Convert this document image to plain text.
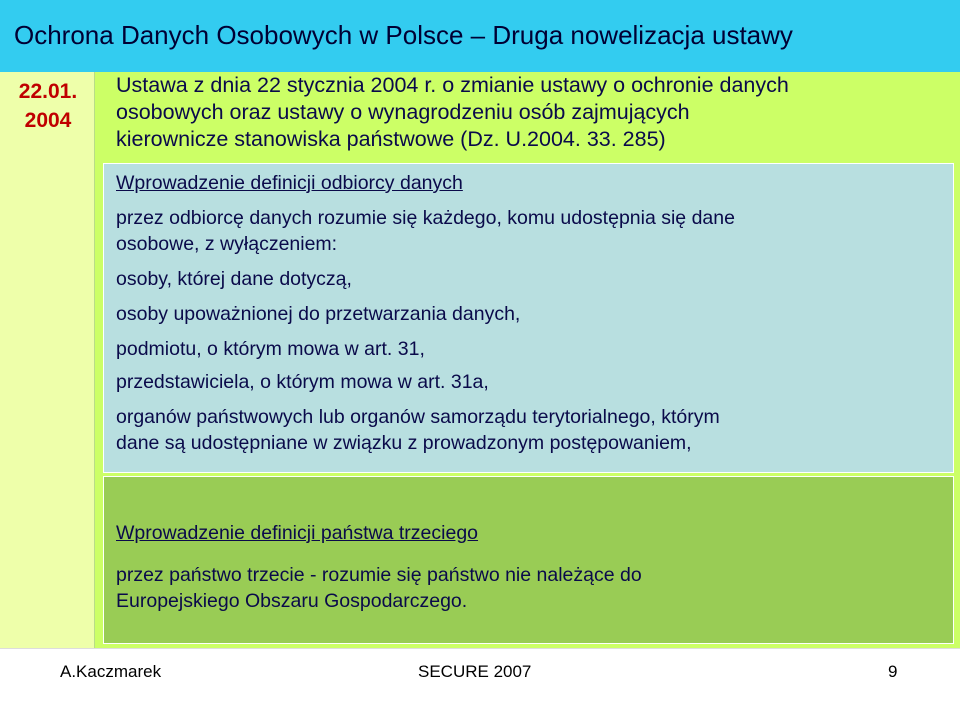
Ochrona Danych Osobowych w Polsce – Druga nowelizacja ustawy
22.01.
2004
Ustawa z dnia 22 stycznia 2004 r. o zmianie ustawy o ochronie danych
osobowych oraz ustawy o wynagrodzeniu osób zajmujących
kierownicze stanowiska państwowe (Dz. U.2004. 33. 285)
Wprowadzenie definicji odbiorcy danych
przez odbiorcę danych rozumie się każdego, komu udostępnia się dane
osobowe, z wyłączeniem:
osoby, której dane dotyczą,
osoby upoważnionej do przetwarzania danych,
podmiotu, o którym mowa w art. 31,
przedstawiciela, o którym mowa w art. 31a,
organów państwowych lub organów samorządu terytorialnego, którym
dane są udostępniane w związku z prowadzonym postępowaniem,
Wprowadzenie definicji państwa trzeciego
przez państwo trzecie - rozumie się państwo nie należące do
Europejskiego Obszaru Gospodarczego.
A.Kaczmarek	SECURE 2007	9
